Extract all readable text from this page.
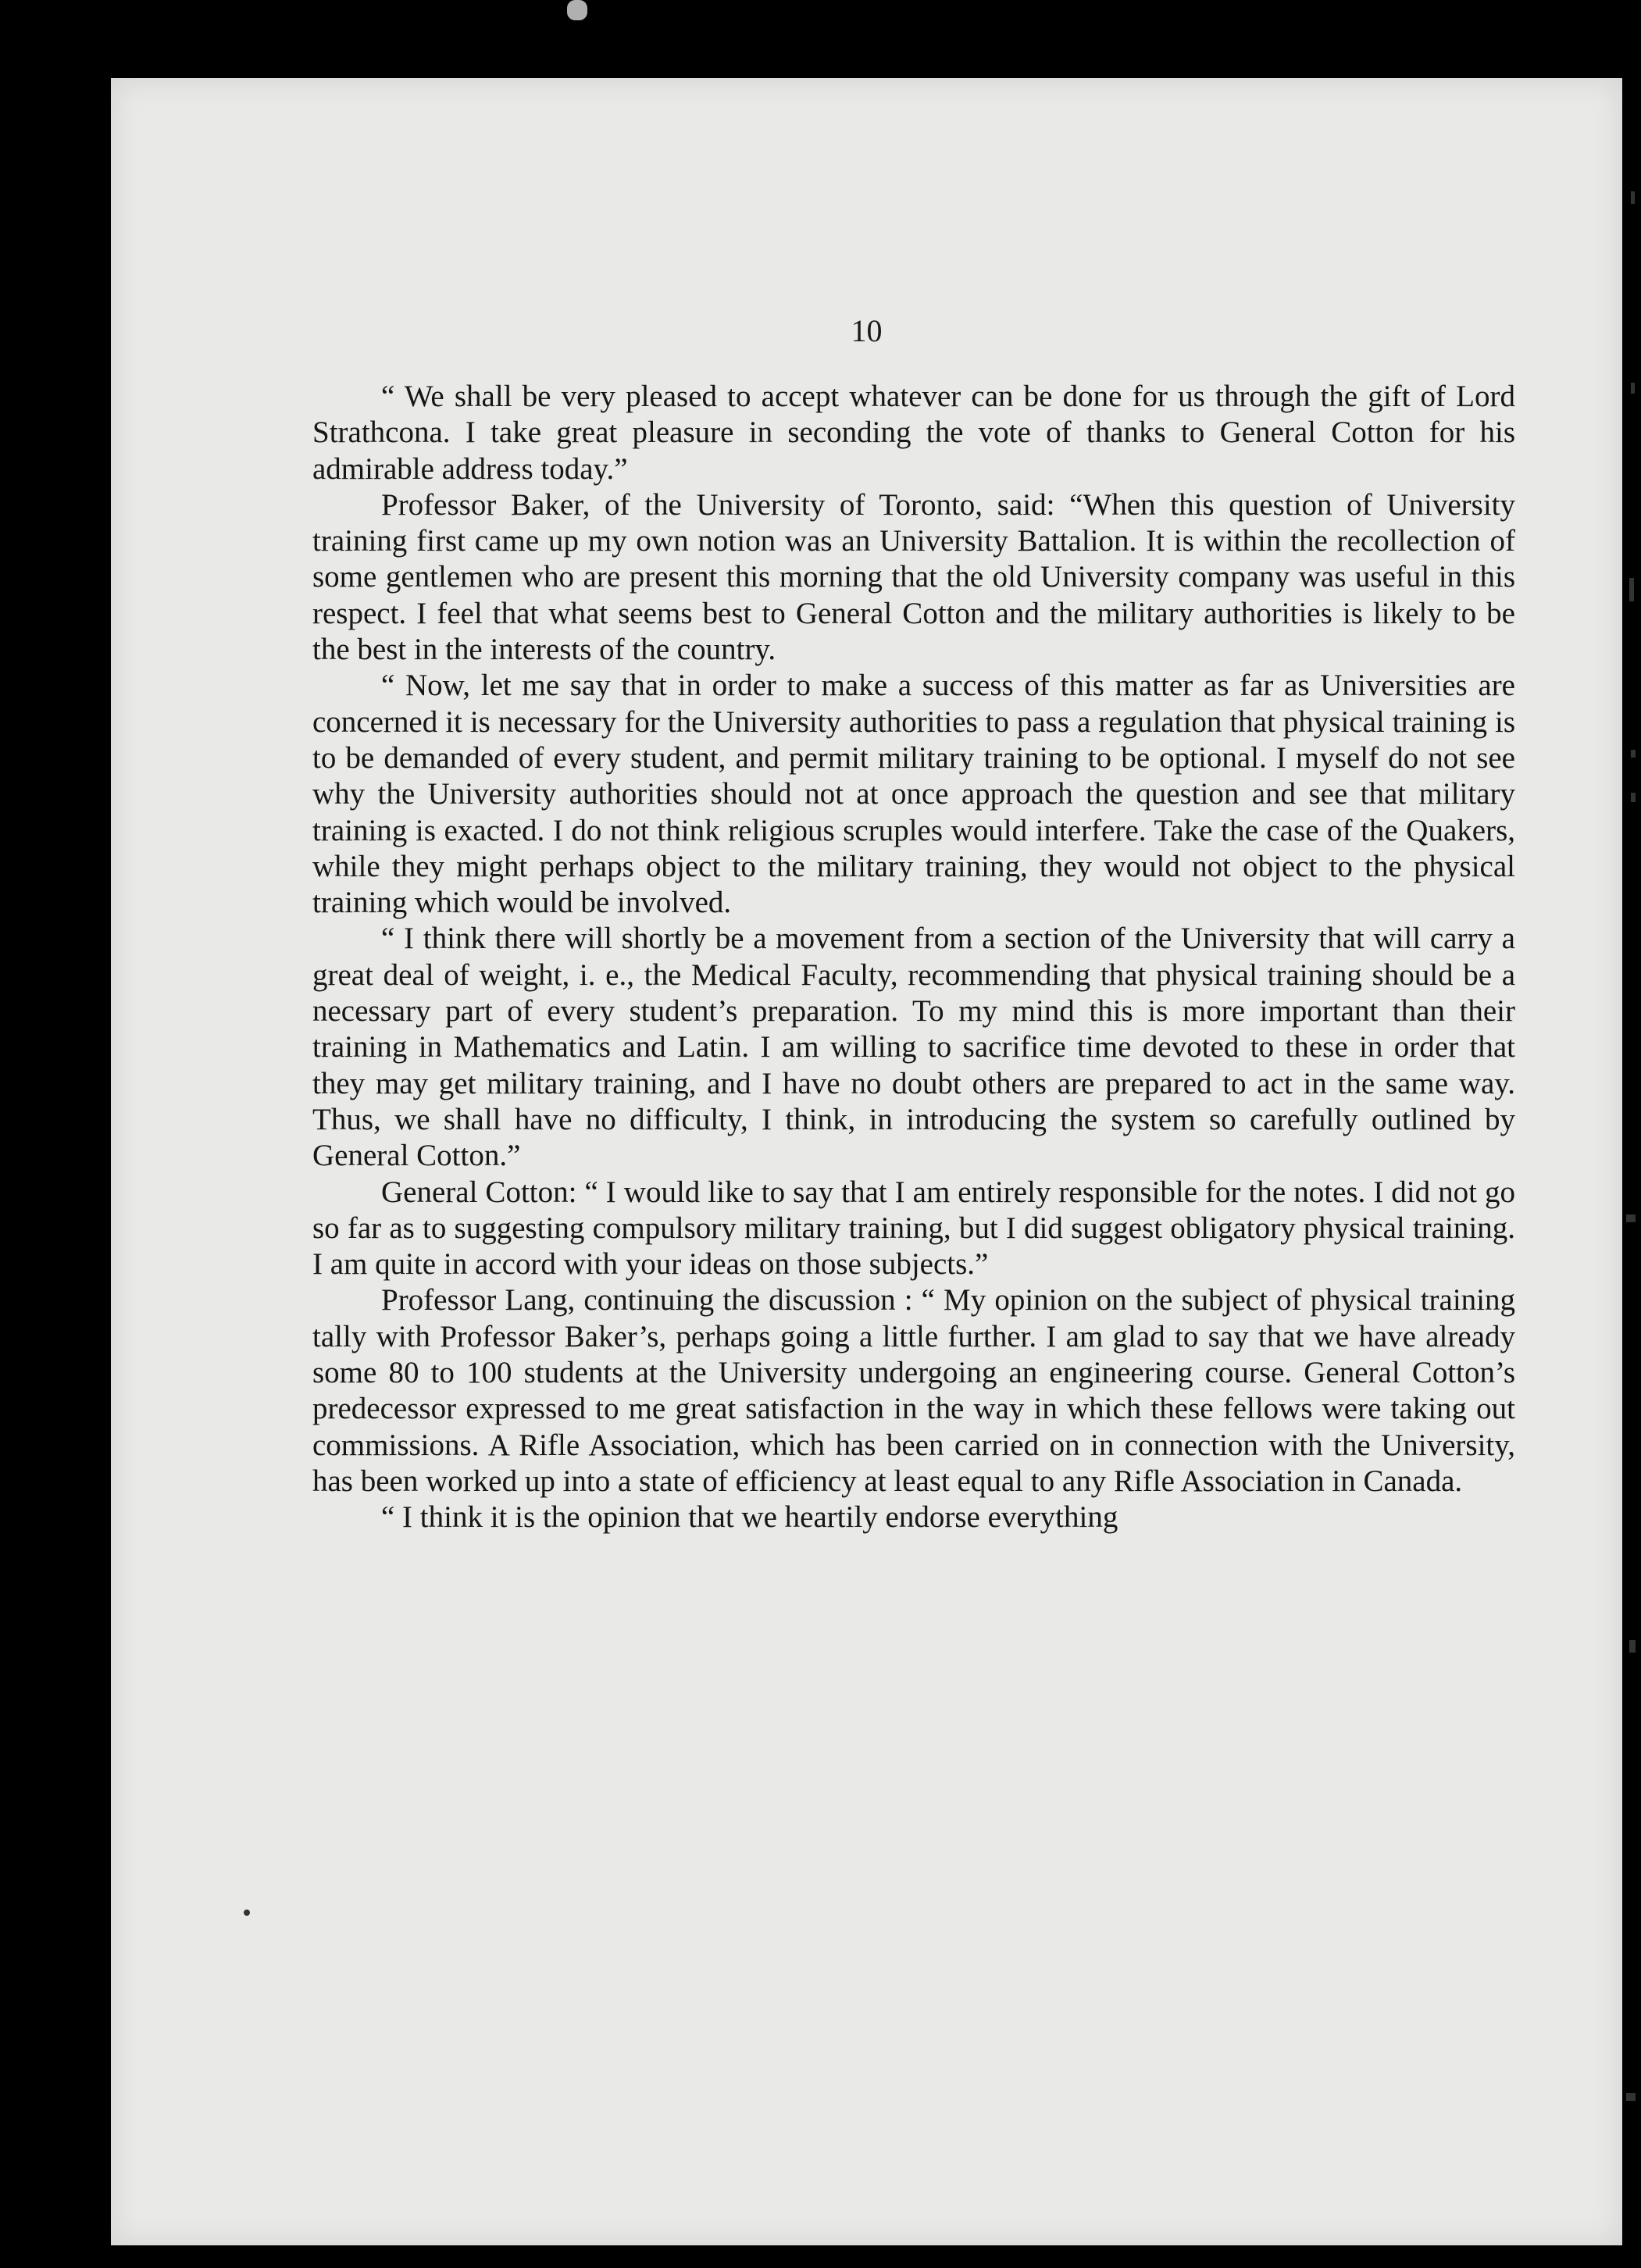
10

“ We shall be very pleased to accept whatever can be done for us through the gift of Lord Strathcona. I take great pleasure in seconding the vote of thanks to General Cotton for his admirable address today.”

Professor Baker, of the University of Toronto, said: “When this question of University training first came up my own notion was an University Battalion. It is within the recollection of some gentlemen who are present this morning that the old University company was useful in this respect. I feel that what seems best to General Cotton and the military authorities is likely to be the best in the interests of the country.

“ Now, let me say that in order to make a success of this matter as far as Universities are concerned it is necessary for the University authorities to pass a regulation that physical training is to be demanded of every student, and permit military training to be optional. I myself do not see why the University authorities should not at once approach the question and see that military training is exacted. I do not think religious scruples would interfere. Take the case of the Quakers, while they might perhaps object to the military training, they would not object to the physical training which would be involved.

“ I think there will shortly be a movement from a section of the University that will carry a great deal of weight, i. e., the Medical Faculty, recommending that physical training should be a necessary part of every student’s preparation. To my mind this is more important than their training in Mathematics and Latin. I am willing to sacrifice time devoted to these in order that they may get military training, and I have no doubt others are prepared to act in the same way. Thus, we shall have no difficulty, I think, in introducing the system so carefully outlined by General Cotton.”

General Cotton: “ I would like to say that I am entirely responsible for the notes. I did not go so far as to suggesting compulsory military training, but I did suggest obligatory physical training. I am quite in accord with your ideas on those subjects.”

Professor Lang, continuing the discussion : “ My opinion on the subject of physical training tally with Professor Baker’s, perhaps going a little further. I am glad to say that we have already some 80 to 100 students at the University undergoing an engineering course. General Cotton’s predecessor expressed to me great satisfaction in the way in which these fellows were taking out commissions. A Rifle Association, which has been carried on in connection with the University, has been worked up into a state of efficiency at least equal to any Rifle Association in Canada.

“ I think it is the opinion that we heartily endorse everything
